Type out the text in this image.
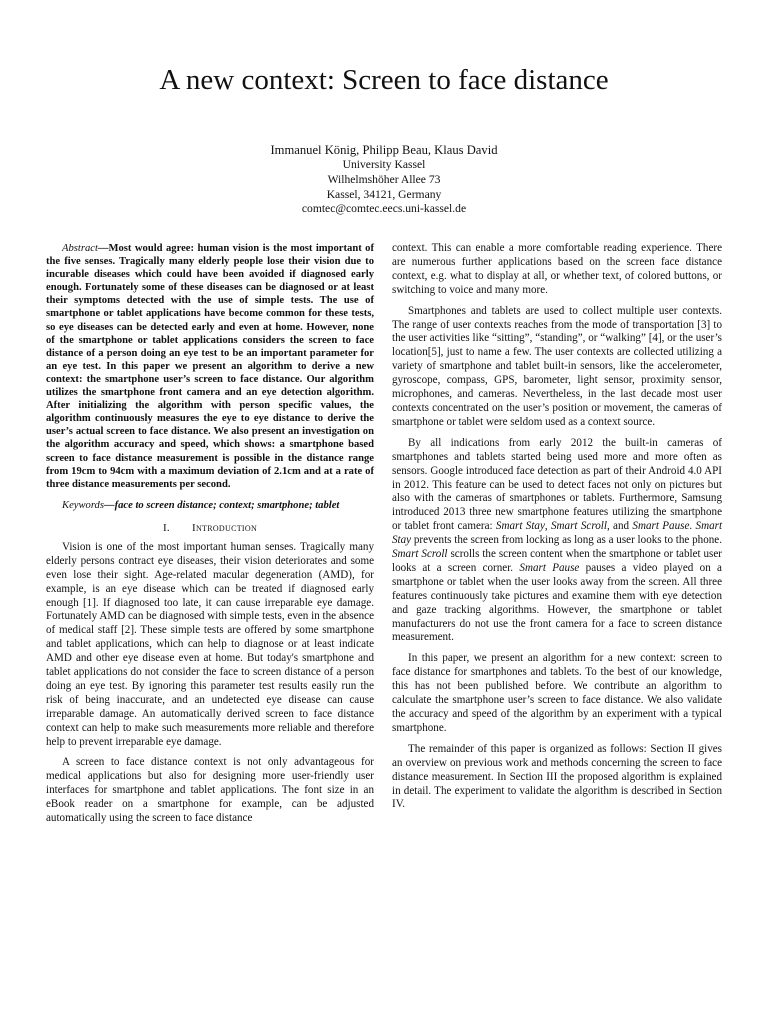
A new context: Screen to face distance
Immanuel König, Philipp Beau, Klaus David
University Kassel
Wilhelmshöher Allee 73
Kassel, 34121, Germany
comtec@comtec.eecs.uni-kassel.de

Abstract—Most would agree: human vision is the most important of the five senses. Tragically many elderly people lose their vision due to incurable diseases which could have been avoided if diagnosed early enough. Fortunately some of these diseases can be diagnosed or at least their symptoms detected with the use of simple tests. The use of smartphone or tablet applications have become common for these tests, so eye diseases can be detected early and even at home. However, none of the smartphone or tablet applications considers the screen to face distance of a person doing an eye test to be an important parameter for an eye test. In this paper we present an algorithm to derive a new context: the smartphone user’s screen to face distance. Our algorithm utilizes the smartphone front camera and an eye detection algorithm. After initializing the algorithm with person specific values, the algorithm continuously measures the eye to eye distance to derive the user’s actual screen to face distance. We also present an investigation on the algorithm accuracy and speed, which shows: a smartphone based screen to face distance measurement is possible in the distance range from 19cm to 94cm with a maximum deviation of 2.1cm and at a rate of three distance measurements per second.

Keywords—face to screen distance; context; smartphone; tablet

I. Introduction

Vision is one of the most important human senses. Tragically many elderly persons contract eye diseases, their vision deteriorates and some even lose their sight. Age-related macular degeneration (AMD), for example, is an eye disease which can be treated if diagnosed early enough [1]. If diagnosed too late, it can cause irreparable eye damage. Fortunately AMD can be diagnosed with simple tests, even in the absence of medical staff [2]. These simple tests are offered by some smartphone and tablet applications, which can help to diagnose or at least indicate AMD and other eye disease even at home. But today's smartphone and tablet applications do not consider the face to screen distance of a person doing an eye test. By ignoring this parameter test results easily run the risk of being inaccurate, and an undetected eye disease can cause irreparable damage. An automatically derived screen to face distance context can help to make such measurements more reliable and therefore help to prevent irreparable eye damage.

A screen to face distance context is not only advantageous for medical applications but also for designing more user-friendly user interfaces for smartphone and tablet applications. The font size in an eBook reader on a smartphone for example, can be adjusted automatically using the screen to face distance

context. This can enable a more comfortable reading experience. There are numerous further applications based on the screen face distance context, e.g. what to display at all, or whether text, of colored buttons, or switching to voice and many more.

Smartphones and tablets are used to collect multiple user contexts. The range of user contexts reaches from the mode of transportation [3] to the user activities like “sitting”, “standing”, or “walking” [4], or the user’s location[5], just to name a few. The user contexts are collected utilizing a variety of smartphone and tablet built-in sensors, like the accelerometer, gyroscope, compass, GPS, barometer, light sensor, proximity sensor, microphones, and cameras. Nevertheless, in the last decade most user contexts concentrated on the user’s position or movement, the cameras of smartphone or tablet were seldom used as a context source.

By all indications from early 2012 the built-in cameras of smartphones and tablets started being used more and more often as sensors. Google introduced face detection as part of their Android 4.0 API in 2012. This feature can be used to detect faces not only on pictures but also with the cameras of smartphones or tablets. Furthermore, Samsung introduced 2013 three new smartphone features utilizing the smartphone or tablet front camera: Smart Stay, Smart Scroll, and Smart Pause. Smart Stay prevents the screen from locking as long as a user looks to the phone. Smart Scroll scrolls the screen content when the smartphone or tablet user looks at a screen corner. Smart Pause pauses a video played on a smartphone or tablet when the user looks away from the screen. All three features continuously take pictures and examine them with eye detection and gaze tracking algorithms. However, the smartphone or tablet manufacturers do not use the front camera for a face to screen distance measurement.

In this paper, we present an algorithm for a new context: screen to face distance for smartphones and tablets. To the best of our knowledge, this has not been published before. We contribute an algorithm to calculate the smartphone user’s screen to face distance. We also validate the accuracy and speed of the algorithm by an experiment with a typical smartphone.

The remainder of this paper is organized as follows: Section II gives an overview on previous work and methods concerning the screen to face distance measurement. In Section III the proposed algorithm is explained in detail. The experiment to validate the algorithm is described in Section IV.
